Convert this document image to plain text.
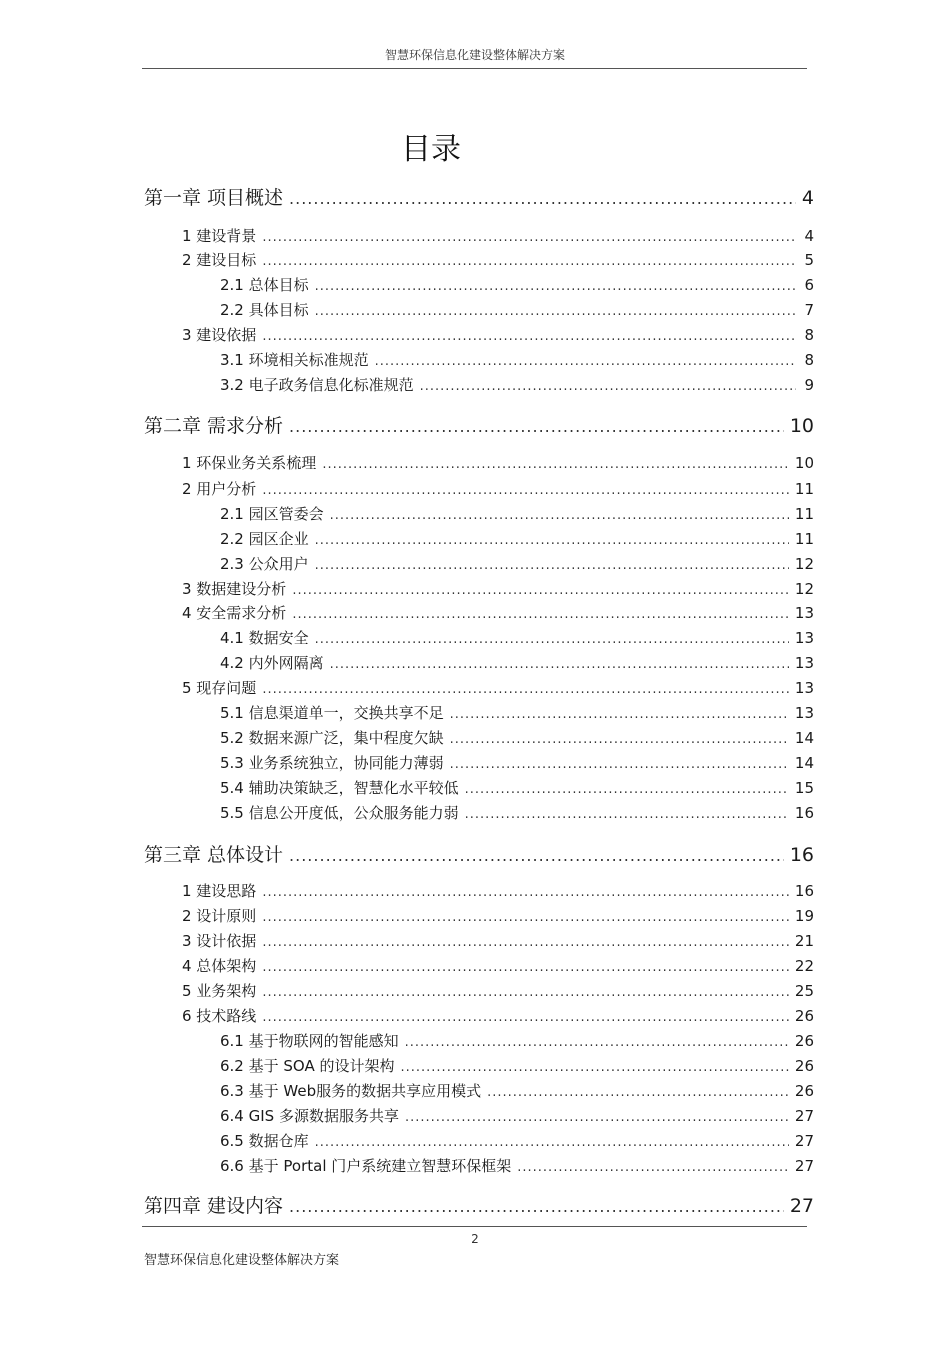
智慧环保信息化建设整体解决方案
目录
第一章 项目概述 .....	4
1 建设背景 .....	4
2 建设目标 .....	5
2.1 总体目标 .....	6
2.2 具体目标 .....	7
3 建设依据 .....	8
3.1 环境相关标准规范 .....	8
3.2 电子政务信息化标准规范 .....	9
第二章 需求分析 .....	10
1 环保业务关系梳理 .....	10
2 用户分析 .....	11
2.1 园区管委会 .....	11
2.2 园区企业 .....	11
2.3 公众用户 .....	12
3 数据建设分析 .....	12
4 安全需求分析 .....	13
4.1 数据安全 .....	13
4.2 内外网隔离 .....	13
5 现存问题 .....	13
5.1 信息渠道单一，交换共享不足 .....	13
5.2 数据来源广泛，集中程度欠缺 .....	14
5.3 业务系统独立，协同能力薄弱 .....	14
5.4 辅助决策缺乏，智慧化水平较低 .....	15
5.5 信息公开度低，公众服务能力弱 .....	16
第三章 总体设计 .....	16
1 建设思路 .....	16
2 设计原则 .....	19
3 设计依据 .....	21
4 总体架构 .....	22
5 业务架构 .....	25
6 技术路线 .....	26
6.1 基于物联网的智能感知 .....	26
6.2 基于 SOA 的设计架构 .....	26
6.3 基于 Web服务的数据共享应用模式 .....	26
6.4 GIS 多源数据服务共享 .....	27
6.5 数据仓库 .....	27
6.6 基于 Portal 门户系统建立智慧环保框架 .....	27
第四章 建设内容 .....	27
2
智慧环保信息化建设整体解决方案
